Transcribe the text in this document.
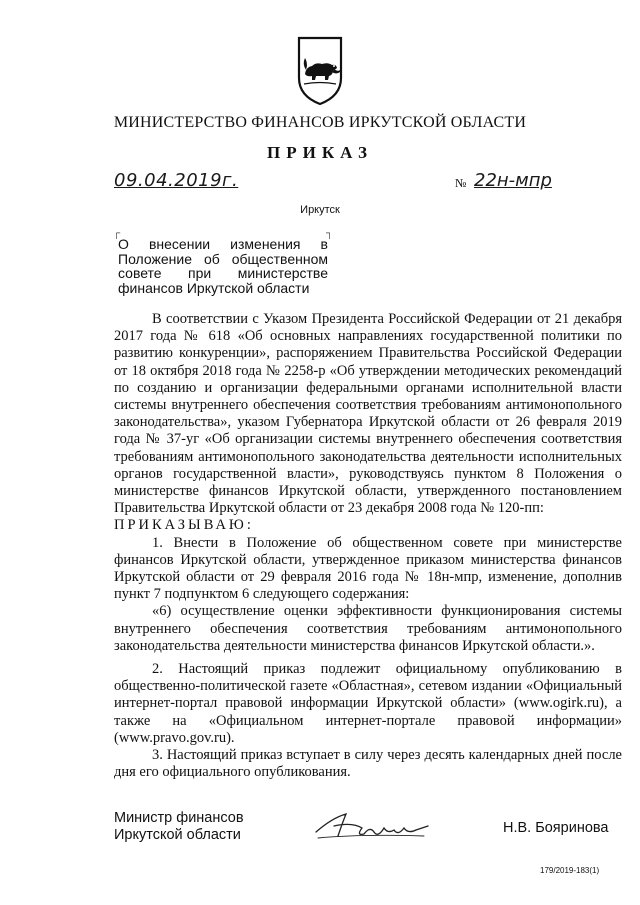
МИНИСТЕРСТВО ФИНАНСОВ ИРКУТСКОЙ ОБЛАСТИ
ПРИКАЗ
09.04.2019г.	№ 22н-мпр
Иркутск
┌	┐
О внесении изменения в Положение об общественном совете при министерстве финансов Иркутской области

В соответствии с Указом Президента Российской Федерации от 21 декабря 2017 года № 618 «Об основных направлениях государственной политики по развитию конкуренции», распоряжением Правительства Российской Федерации от 18 октября 2018 года № 2258-р «Об утверждении методических рекомендаций по созданию и организации федеральными органами исполнительной власти системы внутреннего обеспечения соответствия требованиям антимонопольного законодательства», указом Губернатора Иркутской области от 26 февраля 2019 года № 37-уг «Об организации системы внутреннего обеспечения соответствия требованиям антимонопольного законодательства деятельности исполнительных органов государственной власти», руководствуясь пунктом 8 Положения о министерстве финансов Иркутской области, утвержденного постановлением Правительства Иркутской области от 23 декабря 2008 года № 120-пп:

ПРИКАЗЫВАЮ:

1. Внести в Положение об общественном совете при министерстве финансов Иркутской области, утвержденное приказом министерства финансов Иркутской области от 29 февраля 2016 года № 18н-мпр, изменение, дополнив пункт 7 подпунктом 6 следующего содержания:

«6) осуществление оценки эффективности функционирования системы внутреннего обеспечения соответствия требованиям антимонопольного законодательства деятельности министерства финансов Иркутской области.».

2. Настоящий приказ подлежит официальному опубликованию в общественно-политической газете «Областная», сетевом издании «Официальный интернет-портал правовой информации Иркутской области» (www.ogirk.ru), а также на «Официальном интернет-портале правовой информации» (www.pravo.gov.ru).

3. Настоящий приказ вступает в силу через десять календарных дней после дня его официального опубликования.

Министр финансов
Иркутской области	Н.В. Бояринова
179/2019-183(1)
